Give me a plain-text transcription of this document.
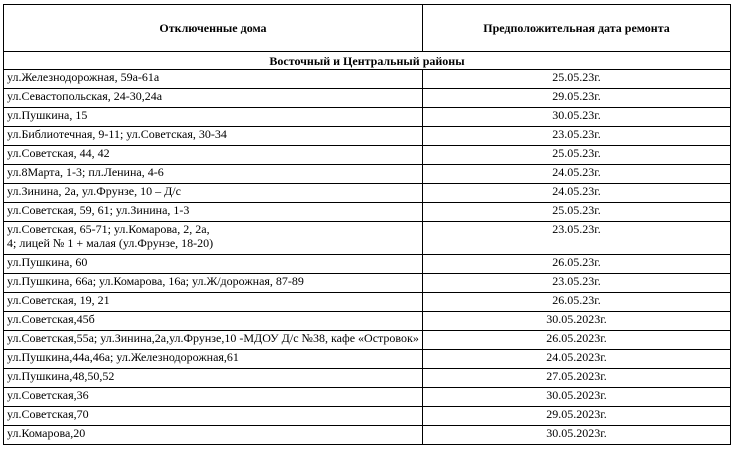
Отключенные дома	Предположительная дата ремонта
Восточный и Центральный районы	
ул.Железнодорожная, 59а-61а	25.05.23г.
ул.Севастопольская, 24-30,24а	29.05.23г.
ул.Пушкина, 15	30.05.23г.
ул.Библиотечная, 9-11; ул.Советская, 30-34	23.05.23г.
ул.Советская, 44, 42	25.05.23г.
ул.8Марта, 1-3; пл.Ленина, 4-6	24.05.23г.
ул.Зинина, 2а, ул.Фрунзе, 10 – Д/с	24.05.23г.
ул.Советская, 59, 61; ул.Зинина, 1-3	25.05.23г.
ул.Советская, 65-71; ул.Комарова, 2, 2а,
4; лицей № 1 + малая (ул.Фрунзе, 18-20)	23.05.23г.
ул.Пушкина, 60	26.05.23г.
ул.Пушкина, 66а; ул.Комарова, 16а; ул.Ж/дорожная, 87-89	23.05.23г.
ул.Советская, 19, 21	26.05.23г.
ул.Советская,45б	30.05.2023г.
ул.Советская,55а; ул.Зинина,2а,ул.Фрунзе,10 -МДОУ Д/с №38, кафе «Островок»	26.05.2023г.
ул.Пушкина,44а,46а; ул.Железнодорожная,61	24.05.2023г.
ул.Пушкина,48,50,52	27.05.2023г.
ул.Советская,36	30.05.2023г.
ул.Советская,70	29.05.2023г.
ул.Комарова,20	30.05.2023г.
